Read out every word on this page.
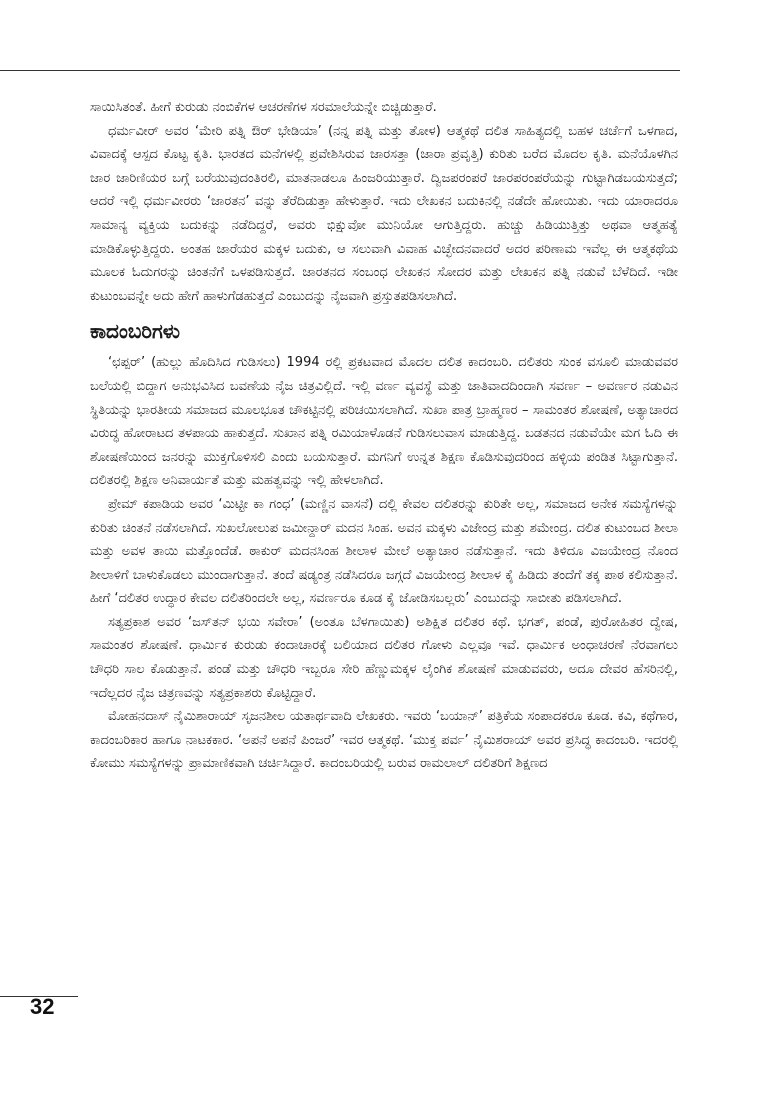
ಸಾಯಿಸಿತಂತೆ. ಹೀಗೆ ಕುರುಡು ನಂಬಿಕೆಗಳ ಆಚರಣೆಗಳ ಸರಮಾಲೆಯನ್ನೇ ಬಿಚ್ಚಿಡುತ್ತಾರೆ.

ಧರ್ಮವೀರ್ ಅವರ ‘ಮೇರಿ ಪತ್ನಿ ಔರ್ ಭೇಡಿಯಾ’ (ನನ್ನ ಪತ್ನಿ ಮತ್ತು ತೋಳ) ಆತ್ಮಕಥೆ ದಲಿತ ಸಾಹಿತ್ಯದಲ್ಲಿ ಬಹಳ ಚರ್ಚೆಗೆ ಒಳಗಾದ, ವಿವಾದಕ್ಕೆ ಆಸ್ಪದ ಕೊಟ್ಟ ಕೃತಿ. ಭಾರತದ ಮನೆಗಳಲ್ಲಿ ಪ್ರವೇಶಿಸಿರುವ ಜಾರಸತ್ತಾ (ಜಾರಾ ಪ್ರವೃತ್ತಿ) ಕುರಿತು ಬರೆದ ಮೊದಲ ಕೃತಿ. ಮನೆಯೊಳಗಿನ ಜಾರ ಜಾರಿಣಿಯರ ಬಗ್ಗೆ ಬರೆಯುವುದಂತಿರಲಿ, ಮಾತನಾಡಲೂ ಹಿಂಜರಿಯುತ್ತಾರೆ. ದ್ವಿಜಪರಂಪರೆ ಜಾರಪರಂಪರೆಯನ್ನು ಗುಟ್ಟಾಗಿಡಬಯಸುತ್ತದೆ; ಆದರೆ ಇಲ್ಲಿ ಧರ್ಮವೀರರು ‘ಜಾರತನ’ ವನ್ನು ತೆರೆದಿಡುತ್ತಾ ಹೇಳುತ್ತಾರೆ. ಇದು ಲೇಖಕನ ಬದುಕಿನಲ್ಲಿ ನಡೆದೇ ಹೋಯಿತು. ಇದು ಯಾರಾದರೂ ಸಾಮಾನ್ಯ ವ್ಯಕ್ತಿಯ ಬದುಕನ್ನು ನಡೆದಿದ್ದರೆ, ಅವರು ಭಿಕ್ಷುವೋ ಮುನಿಯೋ ಆಗುತ್ತಿದ್ದರು. ಹುಚ್ಚು ಹಿಡಿಯುತ್ತಿತ್ತು ಅಥವಾ ಆತ್ಮಹತ್ಯೆ ಮಾಡಿಕೊಳ್ಳುತ್ತಿದ್ದರು. ಅಂತಹ ಜಾರೆಯರ ಮಕ್ಕಳ ಬದುಕು, ಆ ಸಲುವಾಗಿ ವಿವಾಹ ವಿಚ್ಛೇದನವಾದರೆ ಅದರ ಪರಿಣಾಮ ಇವೆಲ್ಲ ಈ ಆತ್ಮಕಥೆಯ ಮೂಲಕ ಓದುಗರನ್ನು ಚಿಂತನೆಗೆ ಒಳಪಡಿಸುತ್ತದೆ. ಜಾರತನದ ಸಂಬಂಧ ಲೇಖಕನ ಸೋದರ ಮತ್ತು ಲೇಖಕನ ಪತ್ನಿ ನಡುವೆ ಬೆಳೆದಿದೆ. ಇಡೀ ಕುಟುಂಬವನ್ನೇ ಅದು ಹೇಗೆ ಹಾಳುಗೆಡಹುತ್ತದೆ ಎಂಬುದನ್ನು ನೈಜವಾಗಿ ಪ್ರಸ್ತುತಪಡಿಸಲಾಗಿದೆ.

ಕಾದಂಬರಿಗಳು

‘ಛಪ್ಪರ್’ (ಹುಲ್ಲು ಹೊದಿಸಿದ ಗುಡಿಸಲು) 1994 ರಲ್ಲಿ ಪ್ರಕಟವಾದ ಮೊದಲ ದಲಿತ ಕಾದಂಬರಿ. ದಲಿತರು ಸುಂಕ ವಸೂಲಿ ಮಾಡುವವರ ಬಲೆಯಲ್ಲಿ ಬಿದ್ದಾಗ ಅನುಭವಿಸಿದ ಬವಣೆಯ ನೈಜ ಚಿತ್ರವಿಲ್ಲಿದೆ. ಇಲ್ಲಿ ವರ್ಣ ವ್ಯವಸ್ಥೆ ಮತ್ತು ಜಾತಿವಾದದಿಂದಾಗಿ ಸವರ್ಣ – ಅವರ್ಣರ ನಡುವಿನ ಸ್ಥಿತಿಯನ್ನು ಭಾರತೀಯ ಸಮಾಜದ ಮೂಲಭೂತ ಚೌಕಟ್ಟಿನಲ್ಲಿ ಪರಿಚಯಿಸಲಾಗಿದೆ. ಸುಖಾ ಪಾತ್ರ ಬ್ರಾಹ್ಮಣರ – ಸಾಮಂತರ ಶೋಷಣೆ, ಅತ್ಯಾಚಾರದ ವಿರುದ್ಧ ಹೋರಾಟದ ತಳಪಾಯ ಹಾಕುತ್ತದೆ. ಸುಖಾನ ಪತ್ನಿ ರಮಿಯಾಳೊಡನೆ ಗುಡಿಸಲುವಾಸ ಮಾಡುತ್ತಿದ್ದ. ಬಡತನದ ನಡುವೆಯೇ ಮಗ ಓದಿ ಈ ಶೋಷಣೆಯಿಂದ ಜನರನ್ನು ಮುಕ್ತಗೊಳಿಸಲಿ ಎಂದು ಬಯಸುತ್ತಾರೆ. ಮಗನಿಗೆ ಉನ್ನತ ಶಿಕ್ಷಣ ಕೊಡಿಸುವುದರಿಂದ ಹಳ್ಳಿಯ ಪಂಡಿತ ಸಿಟ್ಟಾಗುತ್ತಾನೆ. ದಲಿತರಲ್ಲಿ ಶಿಕ್ಷಣ ಅನಿವಾರ್ಯತೆ ಮತ್ತು ಮಹತ್ವವನ್ನು ಇಲ್ಲಿ ಹೇಳಲಾಗಿದೆ.

ಪ್ರೇಮ್ ಕಪಾಡಿಯ ಅವರ ‘ಮಿಟ್ಟೀ ಕಾ ಗಂಧ’ (ಮಣ್ಣಿನ ವಾಸನೆ) ದಲ್ಲಿ ಕೇವಲ ದಲಿತರನ್ನು ಕುರಿತೇ ಅಲ್ಲ, ಸಮಾಜದ ಅನೇಕ ಸಮಸ್ಯೆಗಳನ್ನು ಕುರಿತು ಚಿಂತನೆ ನಡೆಸಲಾಗಿದೆ. ಸುಖಲೋಲುಪ ಜಮೀನ್ದಾರ್ ಮದನ ಸಿಂಹ. ಅವನ ಮಕ್ಕಳು ವಿಜೇಂದ್ರ ಮತ್ತು ಶಮೇಂದ್ರ. ದಲಿತ ಕುಟುಂಬದ ಶೀಲಾ ಮತ್ತು ಅವಳ ತಾಯಿ ಮತ್ತೊಂದೆಡೆ. ಠಾಕುರ್ ಮದನಸಿಂಹ ಶೀಲಾಳ ಮೇಲೆ ಅತ್ಯಾಚಾರ ನಡೆಸುತ್ತಾನೆ. ಇದು ತಿಳಿದೂ ವಿಜಯೇಂದ್ರ ನೊಂದ ಶೀಲಾಳಿಗೆ ಬಾಳುಕೊಡಲು ಮುಂದಾಗುತ್ತಾನೆ. ತಂದೆ ಷಡ್ಯಂತ್ರ ನಡೆಸಿದರೂ ಜಗ್ಗದೆ ವಿಜಯೇಂದ್ರ ಶೀಲಾಳ ಕೈ ಹಿಡಿದು ತಂದೆಗೆ ತಕ್ಕ ಪಾಠ ಕಲಿಸುತ್ತಾನೆ. ಹೀಗೆ ‘ದಲಿತರ ಉದ್ಧಾರ ಕೇವಲ ದಲಿತರಿಂದಲೇ ಅಲ್ಲ, ಸವರ್ಣರೂ ಕೂಡ ಕೈ ಜೋಡಿಸಬಲ್ಲರು’ ಎಂಬುದನ್ನು ಸಾಬೀತು ಪಡಿಸಲಾಗಿದೆ.

ಸತ್ಯಪ್ರಕಾಶ ಅವರ ‘ಜಸ್‌ತನ್ ಭಯಿ ಸವೇರಾ’ (ಅಂತೂ ಬೆಳಗಾಯಿತು) ಅಶಿಕ್ಷಿತ ದಲಿತರ ಕಥೆ. ಭಗತ್, ಪಂಡೆ, ಪುರೋಹಿತರ ದ್ವೇಷ, ಸಾಮಂತರ ಶೋಷಣೆ. ಧಾರ್ಮಿಕ ಕುರುಡು ಕಂದಾಚಾರಕ್ಕೆ ಬಲಿಯಾದ ದಲಿತರ ಗೋಳು ಎಲ್ಲವೂ ಇವೆ. ಧಾರ್ಮಿಕ ಅಂಧಾಚರಣೆ ನೆರವಾಗಲು ಚೌಧರಿ ಸಾಲ ಕೊಡುತ್ತಾನೆ. ಪಂಡೆ ಮತ್ತು ಚೌಧರಿ ಇಬ್ಬರೂ ಸೇರಿ ಹೆಣ್ಣುಮಕ್ಕಳ ಲೈಂಗಿಕ ಶೋಷಣೆ ಮಾಡುವವರು, ಅದೂ ದೇವರ ಹೆಸರಿನಲ್ಲಿ, ಇದೆಲ್ಲದರ ನೈಜ ಚಿತ್ರಣವನ್ನು ಸತ್ಯಪ್ರಕಾಶರು ಕೊಟ್ಟಿದ್ದಾರೆ.

ಮೋಹನದಾಸ್ ನೈಮಿಶಾರಾಯ್ ಸೃಜನಶೀಲ ಯತಾರ್ಥವಾದಿ ಲೇಖಕರು. ಇವರು ‘ಬಯಾನ್’ ಪತ್ರಿಕೆಯ ಸಂಪಾದಕರೂ ಕೂಡ. ಕವಿ, ಕಥೆಗಾರ, ಕಾದಂಬರಿಕಾರ ಹಾಗೂ ನಾಟಕಕಾರ. ‘ಅಪನೆ ಅಪನೆ ಪಿಂಜರೆ’ ಇವರ ಆತ್ಮಕಥೆ. ‘ಮುಕ್ತ ಪರ್ವ’ ನೈಮಿಶರಾಯ್ ಅವರ ಪ್ರಸಿದ್ಧ ಕಾದಂಬರಿ. ಇದರಲ್ಲಿ ಕೋಮು ಸಮಸ್ಯೆಗಳನ್ನು ಪ್ರಾಮಾಣಿಕವಾಗಿ ಚರ್ಚಿಸಿದ್ದಾರೆ. ಕಾದಂಬರಿಯಲ್ಲಿ ಬರುವ ರಾಮಲಾಲ್ ದಲಿತರಿಗೆ ಶಿಕ್ಷಣದ

32
